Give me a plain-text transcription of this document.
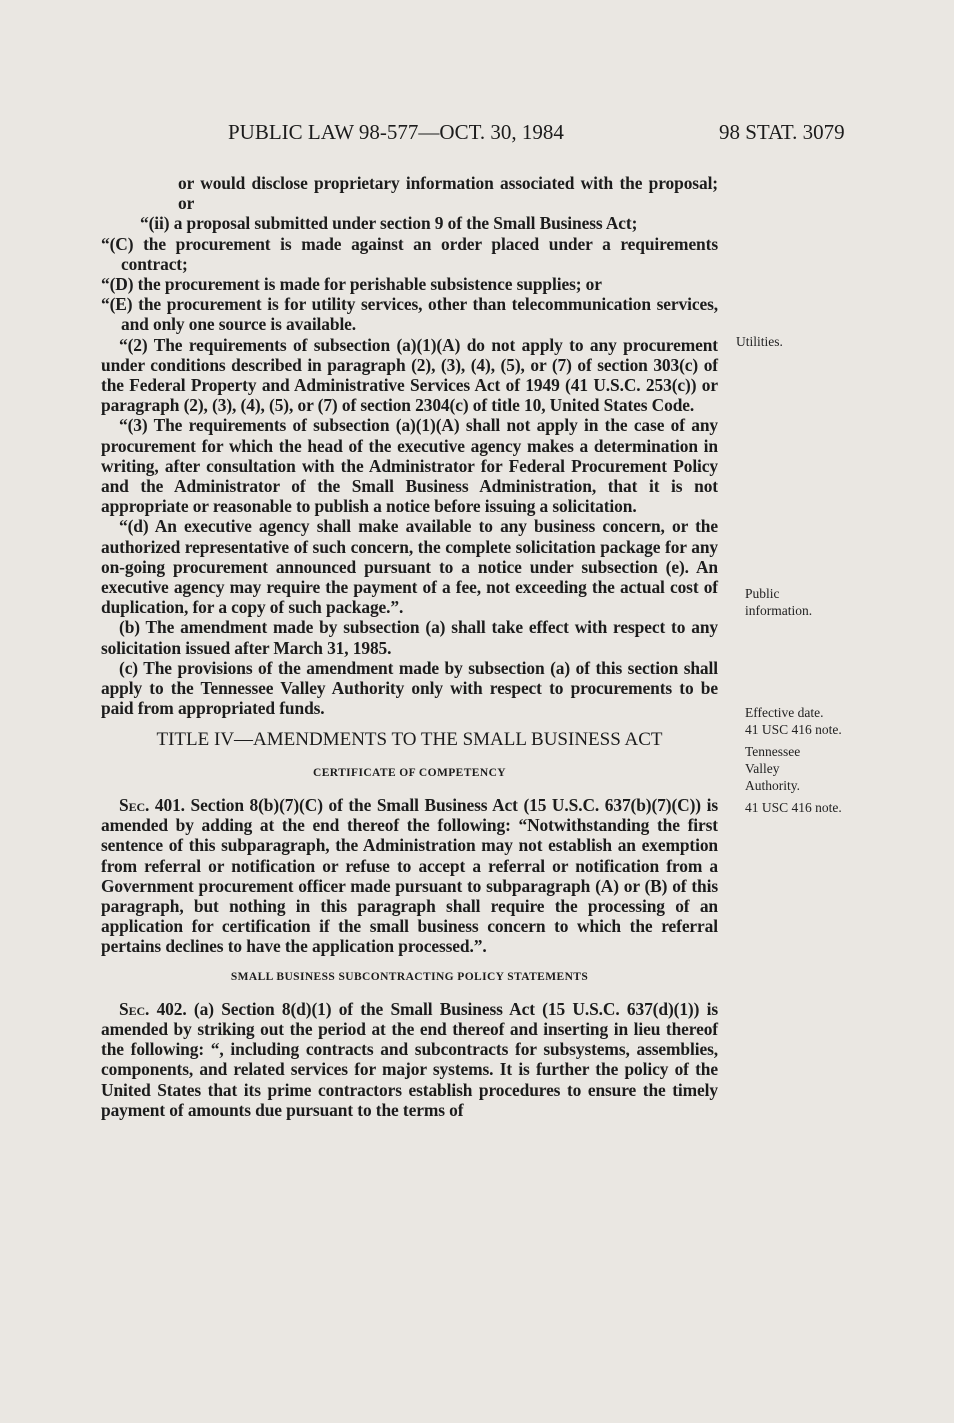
PUBLIC LAW 98-577—OCT. 30, 1984	98 STAT. 3079

or would disclose proprietary information associated with the proposal; or

“(ii) a proposal submitted under section 9 of the Small Business Act;

“(C) the procurement is made against an order placed under a requirements contract;

“(D) the procurement is made for perishable subsistence supplies; or

“(E) the procurement is for utility services, other than telecommunication services, and only one source is available.

“(2) The requirements of subsection (a)(1)(A) do not apply to any procurement under conditions described in paragraph (2), (3), (4), (5), or (7) of section 303(c) of the Federal Property and Administrative Services Act of 1949 (41 U.S.C. 253(c)) or paragraph (2), (3), (4), (5), or (7) of section 2304(c) of title 10, United States Code.

“(3) The requirements of subsection (a)(1)(A) shall not apply in the case of any procurement for which the head of the executive agency makes a determination in writing, after consultation with the Administrator for Federal Procurement Policy and the Administrator of the Small Business Administration, that it is not appropriate or reasonable to publish a notice before issuing a solicitation.

“(d) An executive agency shall make available to any business concern, or the authorized representative of such concern, the complete solicitation package for any on-going procurement announced pursuant to a notice under subsection (e). An executive agency may require the payment of a fee, not exceeding the actual cost of duplication, for a copy of such package.”.

(b) The amendment made by subsection (a) shall take effect with respect to any solicitation issued after March 31, 1985.

(c) The provisions of the amendment made by subsection (a) of this section shall apply to the Tennessee Valley Authority only with respect to procurements to be paid from appropriated funds.

TITLE IV—AMENDMENTS TO THE SMALL BUSINESS ACT

CERTIFICATE OF COMPETENCY

Sec. 401. Section 8(b)(7)(C) of the Small Business Act (15 U.S.C. 637(b)(7)(C)) is amended by adding at the end thereof the following: “Notwithstanding the first sentence of this subparagraph, the Administration may not establish an exemption from referral or notification or refuse to accept a referral or notification from a Government procurement officer made pursuant to subparagraph (A) or (B) of this paragraph, but nothing in this paragraph shall require the processing of an application for certification if the small business concern to which the referral pertains declines to have the application processed.”.

SMALL BUSINESS SUBCONTRACTING POLICY STATEMENTS

Sec. 402. (a) Section 8(d)(1) of the Small Business Act (15 U.S.C. 637(d)(1)) is amended by striking out the period at the end thereof and inserting in lieu thereof the following: “, including contracts and subcontracts for subsystems, assemblies, components, and related services for major systems. It is further the policy of the United States that its prime contractors establish procedures to ensure the timely payment of amounts due pursuant to the terms of

Utilities.
Public
information.
Effective date.
41 USC 416 note.
Tennessee
Valley
Authority.
41 USC 416 note.
